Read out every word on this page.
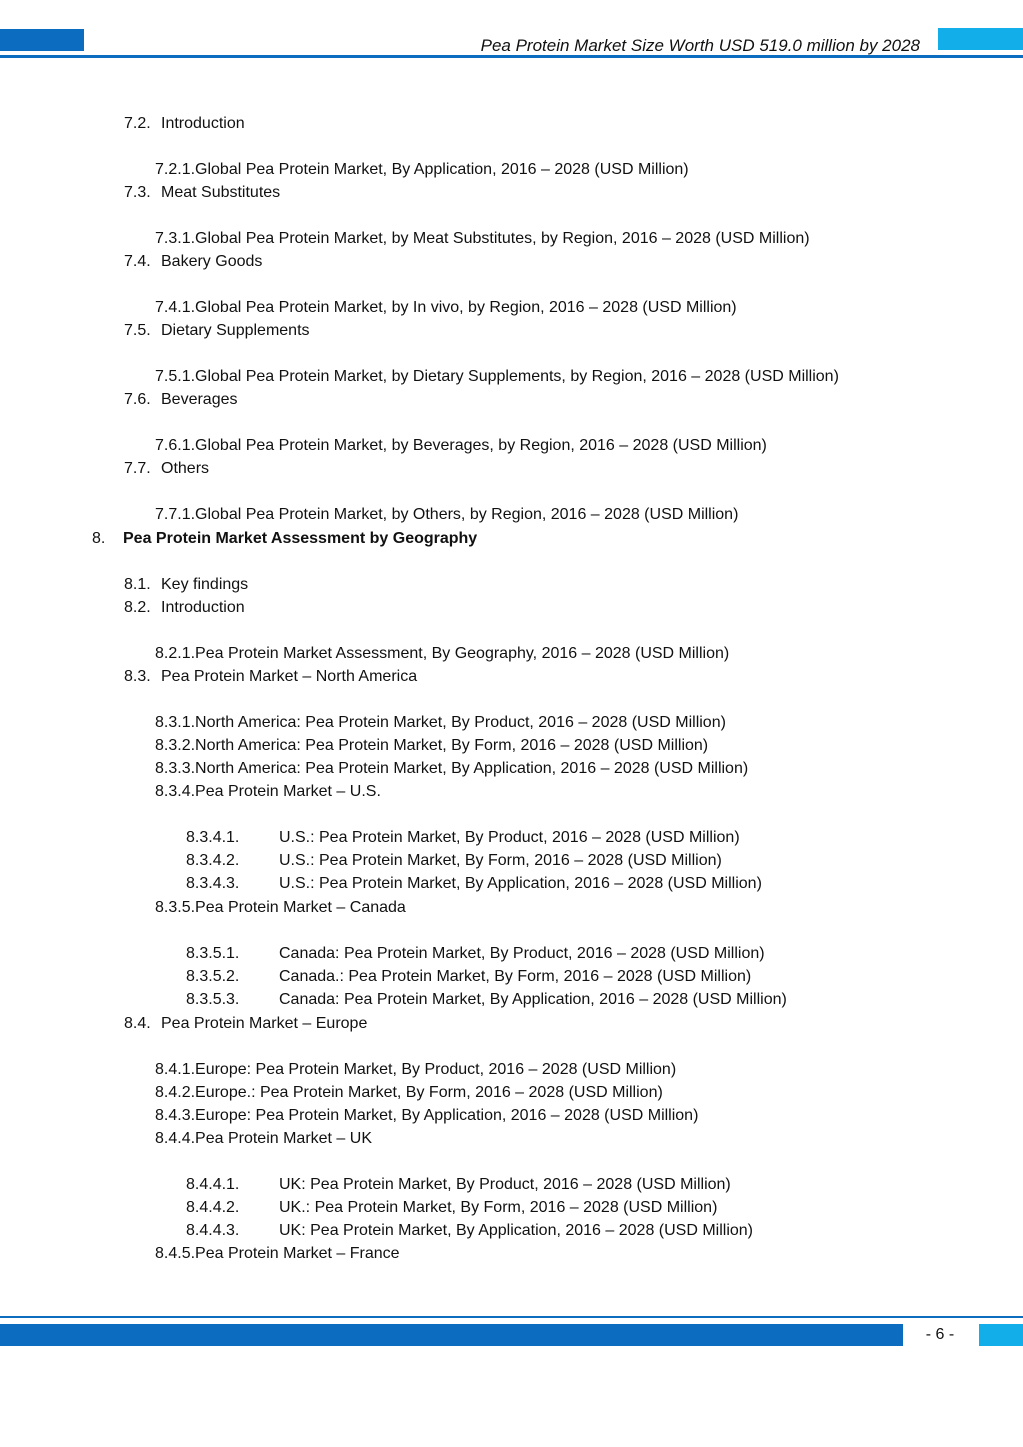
Pea Protein Market Size Worth USD 519.0 million by 2028
7.2. Introduction
7.2.1.Global Pea Protein Market, By Application, 2016 – 2028 (USD Million)
7.3. Meat Substitutes
7.3.1.Global Pea Protein Market, by Meat Substitutes, by Region, 2016 – 2028 (USD Million)
7.4. Bakery Goods
7.4.1.Global Pea Protein Market, by In vivo, by Region, 2016 – 2028 (USD Million)
7.5. Dietary Supplements
7.5.1.Global Pea Protein Market, by Dietary Supplements, by Region, 2016 – 2028 (USD Million)
7.6. Beverages
7.6.1.Global Pea Protein Market, by Beverages, by Region, 2016 – 2028 (USD Million)
7.7. Others
7.7.1.Global Pea Protein Market, by Others, by Region, 2016 – 2028 (USD Million)
8. Pea Protein Market Assessment by Geography
8.1. Key findings
8.2. Introduction
8.2.1.Pea Protein Market Assessment, By Geography, 2016 – 2028 (USD Million)
8.3. Pea Protein Market – North America
8.3.1.North America: Pea Protein Market, By Product, 2016 – 2028 (USD Million)
8.3.2.North America: Pea Protein Market, By Form, 2016 – 2028 (USD Million)
8.3.3.North America: Pea Protein Market, By Application, 2016 – 2028 (USD Million)
8.3.4.Pea Protein Market – U.S.
8.3.4.1. U.S.: Pea Protein Market, By Product, 2016 – 2028 (USD Million)
8.3.4.2. U.S.: Pea Protein Market, By Form, 2016 – 2028 (USD Million)
8.3.4.3. U.S.: Pea Protein Market, By Application, 2016 – 2028 (USD Million)
8.3.5.Pea Protein Market – Canada
8.3.5.1. Canada: Pea Protein Market, By Product, 2016 – 2028 (USD Million)
8.3.5.2. Canada.: Pea Protein Market, By Form, 2016 – 2028 (USD Million)
8.3.5.3. Canada: Pea Protein Market, By Application, 2016 – 2028 (USD Million)
8.4. Pea Protein Market – Europe
8.4.1.Europe: Pea Protein Market, By Product, 2016 – 2028 (USD Million)
8.4.2.Europe.: Pea Protein Market, By Form, 2016 – 2028 (USD Million)
8.4.3.Europe: Pea Protein Market, By Application, 2016 – 2028 (USD Million)
8.4.4.Pea Protein Market – UK
8.4.4.1. UK: Pea Protein Market, By Product, 2016 – 2028 (USD Million)
8.4.4.2. UK.: Pea Protein Market, By Form, 2016 – 2028 (USD Million)
8.4.4.3. UK: Pea Protein Market, By Application, 2016 – 2028 (USD Million)
8.4.5.Pea Protein Market – France
- 6 -
